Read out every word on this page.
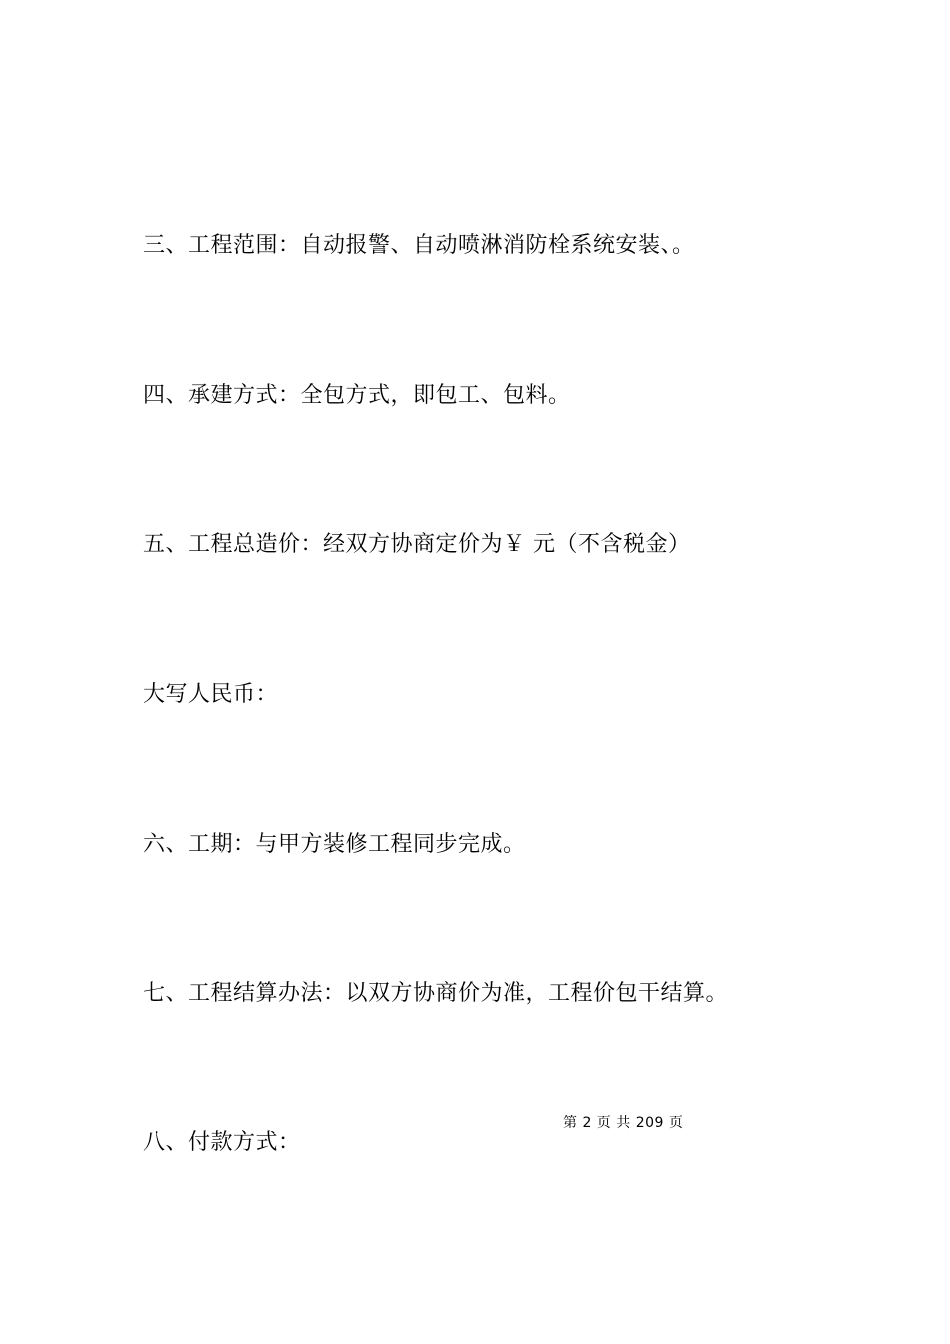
三、工程范围：自动报警、自动喷淋消防栓系统安装、。

四、承建方式：全包方式，即包工、包料。

五、工程总造价：经双方协商定价为￥ 元（不含税金）

大写人民币：

六、工期：与甲方装修工程同步完成。

七、工程结算办法：以双方协商价为准，工程价包干结算。

八、付款方式：

第 2 页 共 209 页
